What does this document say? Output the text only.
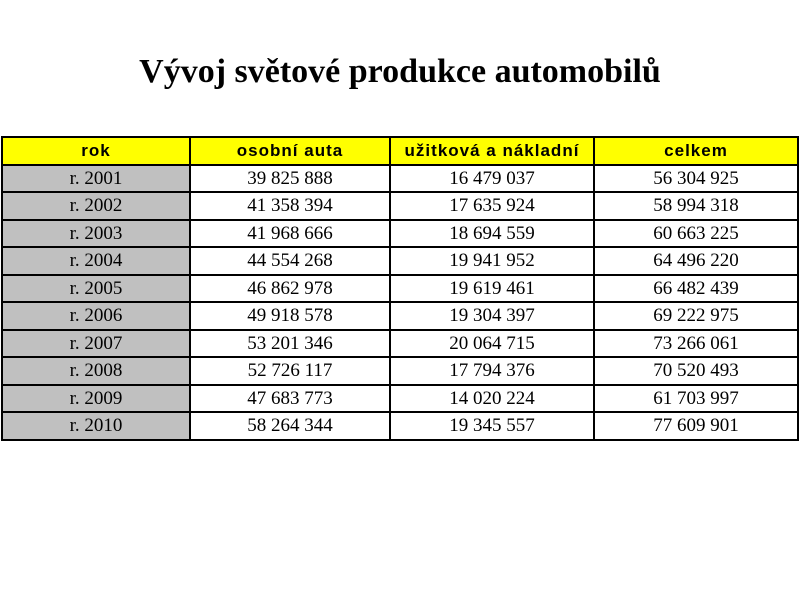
Vývoj světové produkce automobilů
rok	osobní auta	užitková a nákladní	celkem
r. 2001	39 825 888	16 479 037	56 304 925
r. 2002	41 358 394	17 635 924	58 994 318
r. 2003	41 968 666	18 694 559	60 663 225
r. 2004	44 554 268	19 941 952	64 496 220
r. 2005	46 862 978	19 619 461	66 482 439
r. 2006	49 918 578	19 304 397	69 222 975
r. 2007	53 201 346	20 064 715	73 266 061
r. 2008	52 726 117	17 794 376	70 520 493
r. 2009	47 683 773	14 020 224	61 703 997
r. 2010	58 264 344	19 345 557	77 609 901
